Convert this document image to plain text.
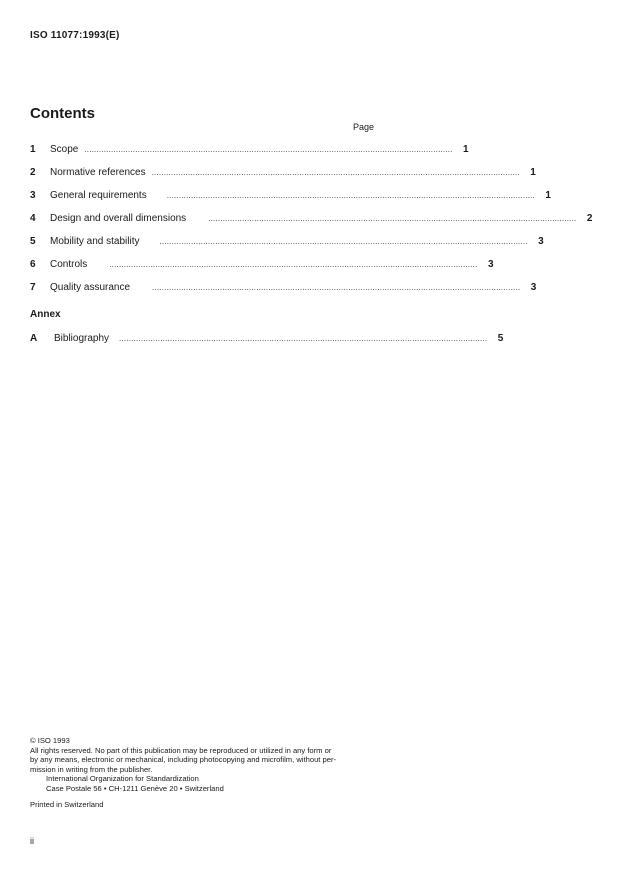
ISO 11077:1993(E)
Contents
Page
1	Scope ........................................................................................................................................................	1
2	Normative references ........................................................................................................................................................	1
3	General requirements	........................................................................................................................................................	1
4	Design and overall dimensions	........................................................................................................................................................	2
5	Mobility and stability	........................................................................................................................................................	3
6	Controls	........................................................................................................................................................	3
7	Quality assurance	........................................................................................................................................................	3
Annex
A	Bibliography ........................................................................................................................................................	5
© ISO 1993
All rights reserved. No part of this publication may be reproduced or utilized in any form or
by any means, electronic or mechanical, including photocopying and microfilm, without per-
mission in writing from the publisher.
International Organization for Standardization
Case Postale 56 • CH-1211 Genève 20 • Switzerland
Printed in Switzerland
ii
